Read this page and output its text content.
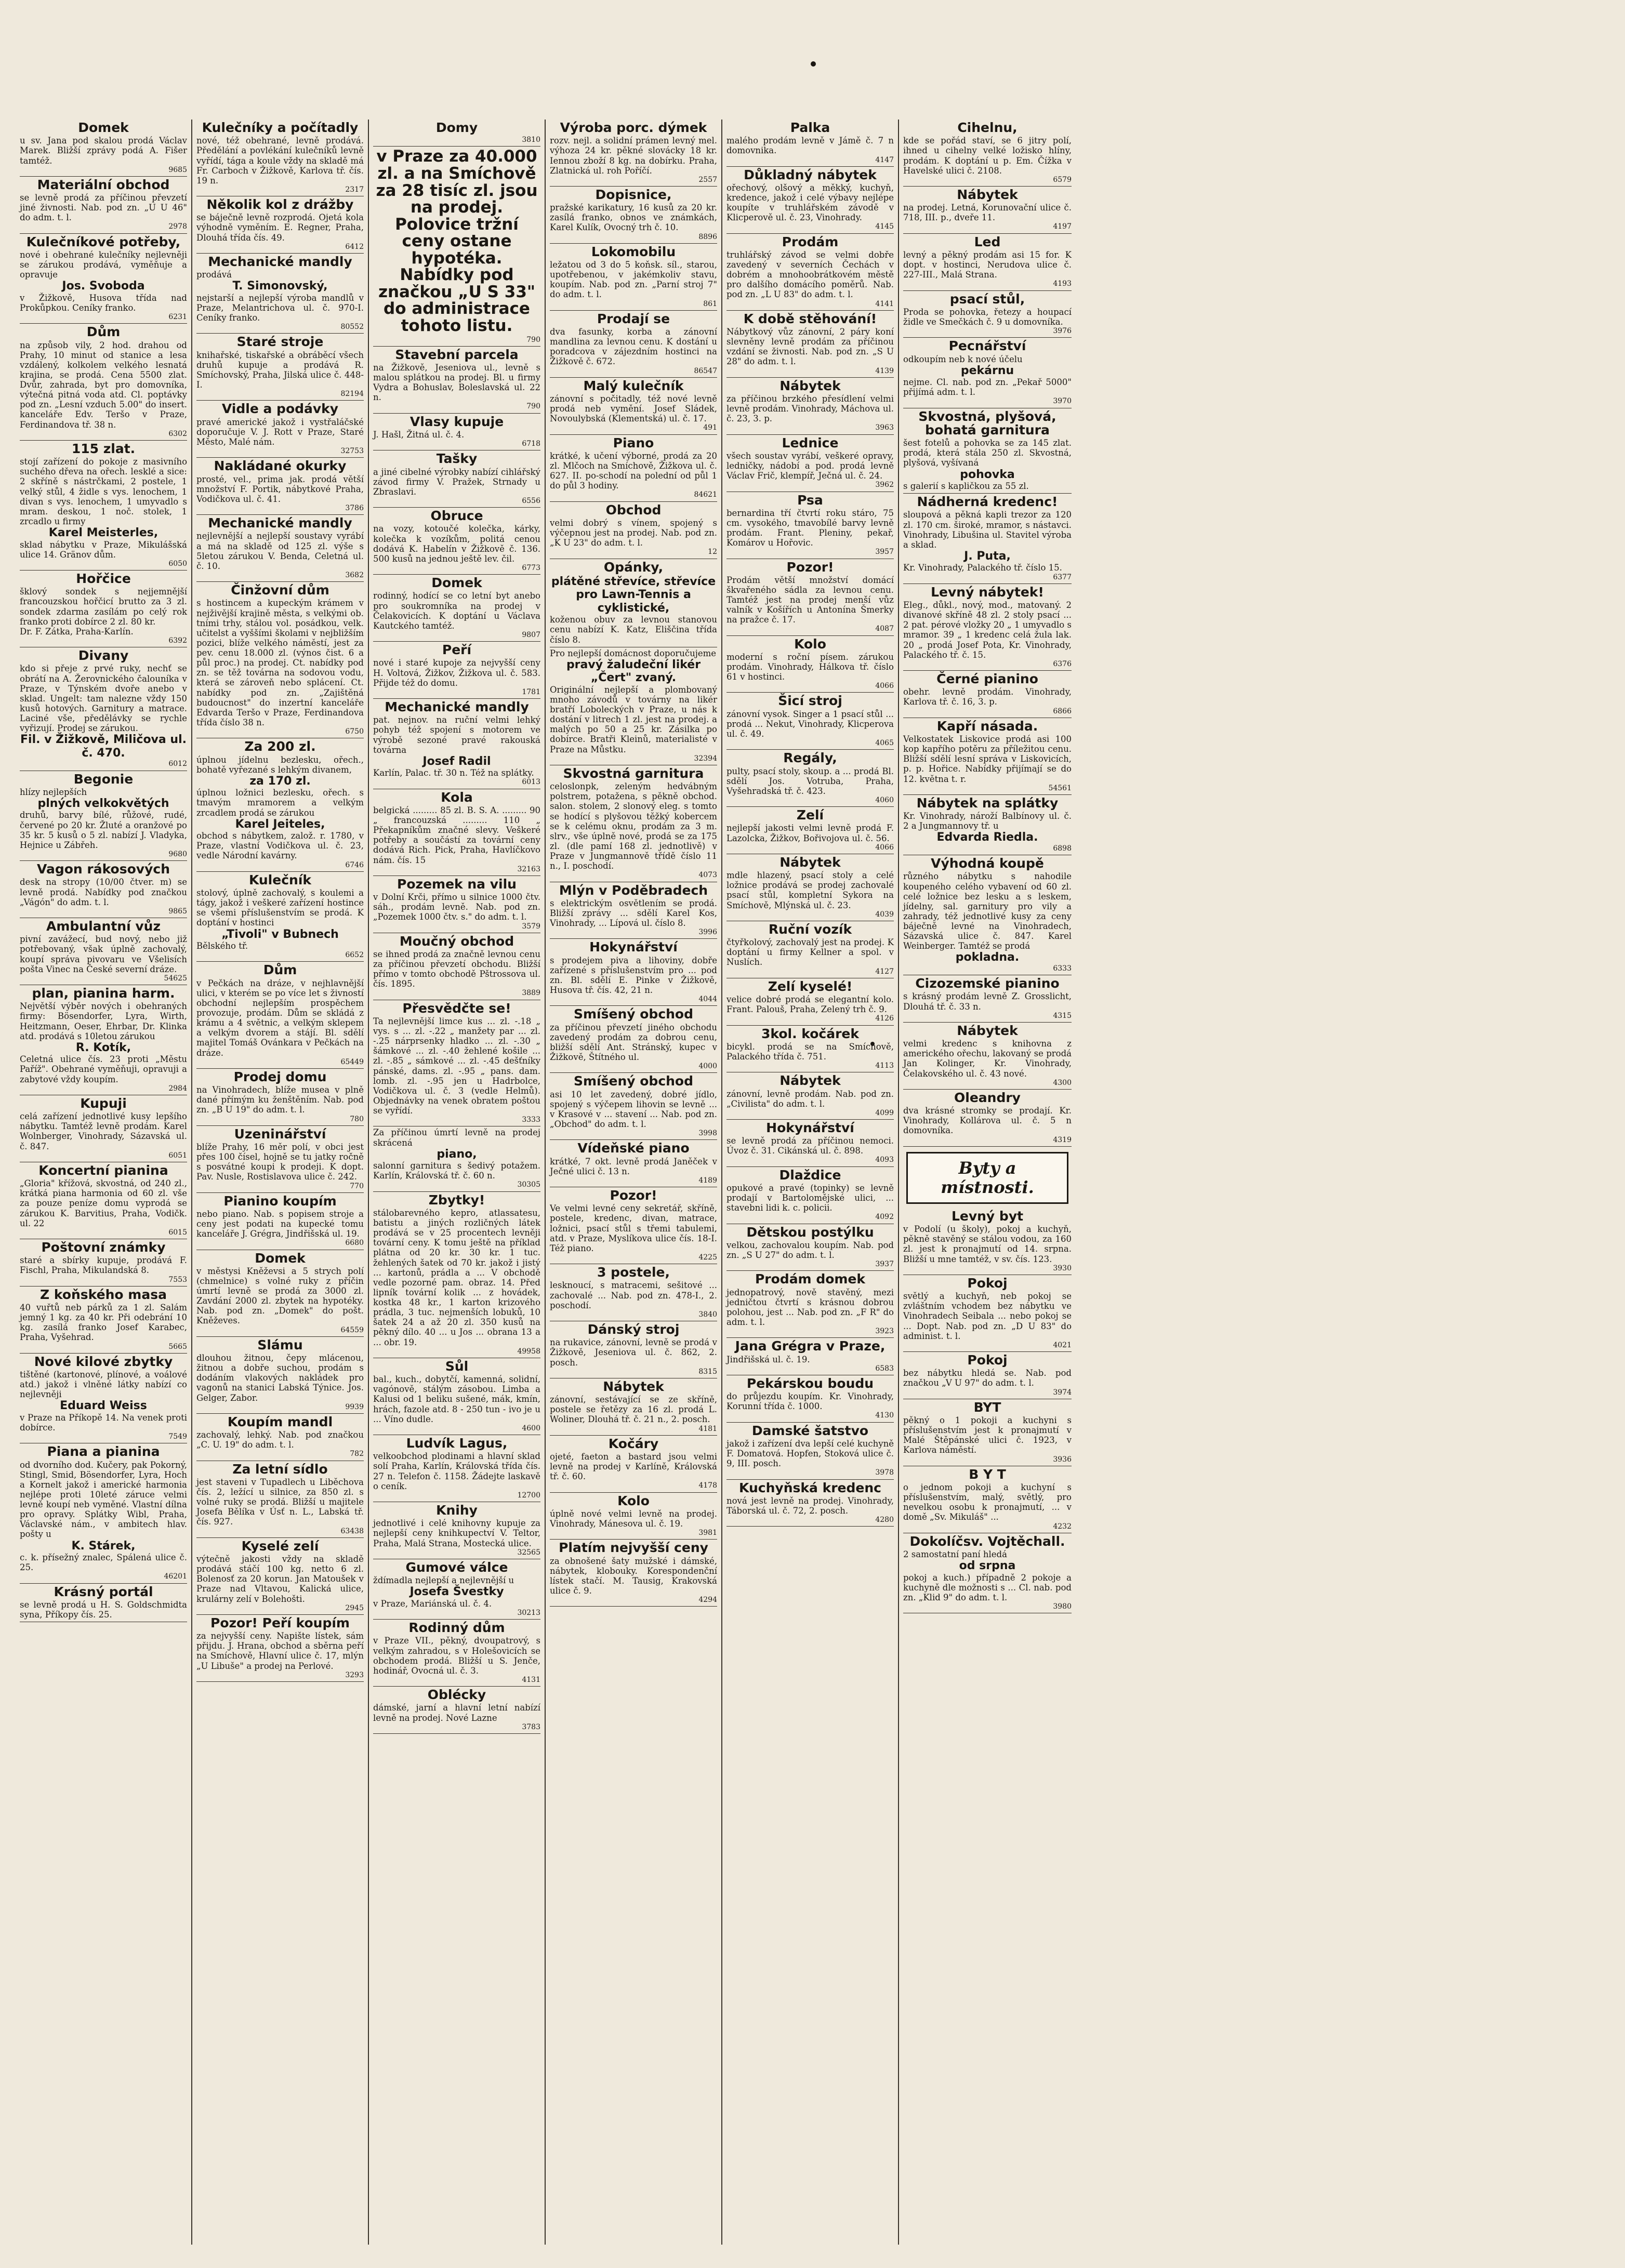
Domek
u sv. Jana pod skalou prodá Václav Marek. Bližší zprávy podá A. Fišer tamtéž.
9685
Materiální obchod
se levně prodá za příčinou převzetí jiné živnosti. Nab. pod zn. „U U 46" do adm. t. l.
2978
Kulečníkové potřeby,
nové i obehrané kulečníky nejlevněji se zárukou prodává, vyměňuje a opravuje
Jos. Svoboda
v Žižkově, Husova třída nad Prokůpkou. Ceníky franko.
6231
Dům
na způsob vily, 2 hod. drahou od Prahy, 10 minut od stanice a lesa vzdálený, kolkolem velkého lesnatá krajina, se prodá. Cena 5500 zlat. Dvůr, zahrada, byt pro domovníka, výtečná pitná voda atd. Cl. poptávky pod zn. „Lesní vzduch 5.00" do insert. kanceláře Edv. Teršo v Praze, Ferdinandova tř. 38 n.
6302
115 zlat.
stojí zařízení do pokoje z masivního suchého dřeva na ořech. lesklé a sice: 2 skříně s nástrčkami, 2 postele, 1 velký stůl, 4 židle s vys. lenochem, 1 divan s vys. lenochem, 1 umyvadlo s mram. deskou, 1 noč. stolek, 1 zrcadlo u firmy
Karel Meisterles,
sklad nábytku v Praze, Mikulášská ulice 14. Gränov dům.
6050
Hořčice
šklový sondek s nejjemnější francouzskou hořčicí brutto za 3 zl. sondek zdarma zasílám po celý rok franko proti dobírce 2 zl. 80 kr.
Dr. F. Zátka, Praha-Karlín.
6392
Divany
kdo si přeje z prvé ruky, nechť se obrátí na A. Žerovnického čalouníka v Praze, v Týnském dvoře anebo v sklad. Ungelt: tam nalezne vždy 150 kusů hotových. Garnitury a matrace. Laciné vše, předělávky se rychle vyřizují. Prodej se zárukou.
Fil. v Žižkově, Miličova ul. č. 470.
6012
Begonie
hlízy nejlepších
plných velkokvětých
druhů, barvy bílé, růžové, rudé, červené po 20 kr. Žluté a oranžové po 35 kr. 5 kusů o 5 zl. nabízí J. Vladyka, Hejnice u Zábřeh.
9680
Vagon rákosových
desk na stropy (10/00 čtver. m) se levně prodá. Nabídky pod značkou „Vágón" do adm. t. l.
9865
Ambulantní vůz
pivní zavážecí, bud nový, nebo již potřebovaný, však úplně zachovalý, koupí správa pivovaru ve Všelisích pošta Vinec na České severní dráze.
54625
plan, pianina harm.
Největší výběr nových i obehraných firmy: Bösendorfer, Lyra, Wirth, Heitzmann, Oeser, Ehrbar, Dr. Klinka atd. prodává s 10letou zárukou
R. Kotík,
Celetná ulice čís. 23 proti „Městu Paříž". Obehrané vyměňuji, opravuji a zabytové vždy koupím.
2984
Kupuji
celá zařízení jednotlivé kusy lepšího nábytku. Tamtéž levně prodám. Karel Wolnberger, Vinohrady, Sázavská ul. č. 847.
6051
Koncertní pianina
„Gloria" křížová, skvostná, od 240 zl., krátká piana harmonia od 60 zl. vše za pouze peníze domu vyprodá se zárukou K. Barvitius, Praha, Vodičk. ul. 22
6015
Poštovní známky
staré a sbírky kupuje, prodává F. Fischl, Praha, Mikulandská 8.
7553
Z koňského masa
40 vuřtů neb párků za 1 zl. Salám jemný 1 kg. za 40 kr. Při odebrání 10 kg. zasílá franko Josef Karabec, Praha, Vyšehrad.
5665
Nové kilové zbytky
tištěné (kartonové, plínové, a voálové atd.) jakož i vlněné látky nabízí co nejlevněji
Eduard Weiss
v Praze na Příkopě 14. Na venek proti dobírce.
7549
Piana a pianina
od dvorního dod. Kučery, pak Pokorný, Stingl, Smid, Bösendorfer, Lyra, Hoch a Kornelt jakož i americké harmonia nejlépe proti 10leté záruce velmi levně koupí neb vyměné. Vlastní dílna pro opravy. Splátky Wibl, Praha, Václavské nám., v ambitech hlav. pošty u
K. Stárek,
c. k. přísežný znalec, Spálená ulice č. 25.
46201
Krásný portál
se levně prodá u H. S. Goldschmidta syna, Příkopy čís. 25.
Kulečníky a počítadly
nové, též obehrané, levně prodává. Předělání a povlékání kulečníků levně vyřídí, tága a koule vždy na skladě má Fr. Carboch v Žižkově, Karlova tř. čís. 19 n.
2317
Několik kol z drážby
se báječně levně rozprodá. Ojetá kola výhodně vyměním. E. Regner, Praha, Dlouhá třída čís. 49.
6412
Mechanické mandly
prodává
T. Simonovský,
nejstarší a nejlepší výroba mandlů v Praze, Melantrichova ul. č. 970-I. Ceníky franko.
80552
Staré stroje
knihařské, tiskařské a obráběcí všech druhů kupuje a prodává R. Smíchovský, Praha, Jilská ulice č. 448-I.
82194
Vidle a podávky
pravé americké jakož i vystřaláčské doporučuje V. J. Rott v Praze, Staré Město, Malé nám.
32753
Nakládané okurky
prosté, vel., prima jak. prodá větší množství F. Portik, nábytkové Praha, Vodičkova ul. č. 41.
3786
Mechanické mandly
nejlevnější a nejlepší soustavy vyrábí a má na skladě od 125 zl. výše s 5letou zárukou V. Benda, Celetná ul. č. 10.
3682
Činžovní dům
s hostincem a kupeckým krámem v nejživější krajině města, s velkými ob. tními trhy, stálou vol. posádkou, velk. učitelst a vyššími školami v nejbližším pozici, blíže velkého náměstí, jest za pev. cenu 18.000 zl. (výnos čist. 6 a půl proc.) na prodej. Ct. nabídky pod zn. se těž továrna na sodovou vodu, která se zároveň nebo splácení. Ct. nabídky pod zn. „Zajištěná budoucnost" do inzertní kanceláře Edvarda Teršo v Praze, Ferdinandova třída číslo 38 n.
6750
Za 200 zl.
úplnou jídelnu bezlesku, ořech., bohatě vyřezané s lehkým divanem,
za 170 zl.
úplnou ložnici bezlesku, ořech. s tmavým mramorem a velkým zrcadlem prodá se zárukou
Karel Jeiteles,
obchod s nábytkem, založ. r. 1780, v Praze, vlastní Vodičkova ul. č. 23, vedle Národní kavárny.
6746
Kulečník
stolový, úplně zachovalý, s koulemi a tágy, jakož i veškeré zařízení hostince se všemi příslušenstvím se prodá. K doptání v hostinci
„Tivoli" v Bubnech
Bělského tř.
6652
Dům
v Pečkách na dráze, v nejhlavnější ulici, v kterém se po více let s živností obchodní nejlepším prospěchem provozuje, prodám. Dům se skládá z krámu a 4 světnic, a velkým sklepem a velkým dvorem a stájí. Bl. sdělí majitel Tomáš Ovánkara v Pečkách na dráze.
65449
Prodej domu
na Vinohradech, blíže musea v plně dané přímým ku ženštěním. Nab. pod zn. „B U 19" do adm. t. l.
780
Uzeninářství
blíže Prahy, 16 měr polí, v obci jest přes 100 čísel, hojně se tu jatky ročně s posvátné koupi k prodeji. K dopt. Pav. Nusle, Rostislavova ulice č. 242.
770
Pianino koupím
nebo piano. Nab. s popisem stroje a ceny jest podati na kupecké tomu kanceláře J. Grégra, Jindřišská ul. 19.
6680
Domek
v městysi Kněževsi a 5 strych polí (chmelnice) s volné ruky z příčin úmrtí levně se prodá za 3000 zl. Zavdání 2000 zl. zbytek na hypotéky. Nab. pod zn. „Domek" do pošt. Kněževes.
64559
Slámu
dlouhou žitnou, čepy mlácenou, žitnou a dobře suchou, prodám s dodáním vlakových nakládek pro vagonů na stanici Labská Týnice. Jos. Gelger, Zabor.
9939
Koupím mandl
zachovalý, lehký. Nab. pod značkou „C. U. 19" do adm. t. l.
782
Za letní sídlo
jest staveni v Tupadlech u Liběchova čís. 2, ležící u silnice, za 850 zl. s volné ruky se prodá. Bližší u majitele Josefa Bělíka v Úsť n. L., Labská tř. čís. 927.
63438
Kyselé zelí
výtečně jakosti vždy na skladě prodává stáčí 100 kg. netto 6 zl. Bolenosť za 20 korun. Jan Matoušek v Praze nad Vltavou, Kalická ulice, krulárny zelí v Bolehošti.
2945
Pozor! Peří koupím
za nejvyšší ceny. Napište lístek, sám přijdu. J. Hrana, obchod a sběrna peří na Smíchově, Hlavní ulice č. 17, mlýn „U Libuše" a prodej na Perlové.
3293
Domy
3810
v Praze za 40.000 zl. a na Smíchově za 28 tisíc zl. jsou na prodej. Polovice tržní ceny ostane hypotéka. Nabídky pod značkou „U S 33" do administrace tohoto listu.
790
Stavební parcela
na Žižkově, Jeseniova ul., levně s malou splátkou na prodej. Bl. u firmy Vydra a Bohuslav, Boleslavská ul. 22 n.
790
Vlasy kupuje
J. Hašl, Žitná ul. č. 4.
6718
Tašky
a jiné cibelné výrobky nabízí cihlářský závod firmy V. Pražek, Strnady u Zbraslavi.
6556
Obruce
na vozy, kotoučé kolečka, kárky, kolečka k vozíkům, politá cenou dodává K. Habelín v Žižkově č. 136. 500 kusů na jednou ještě lev. čil.
6773
Domek
rodinný, hodící se co letní byt anebo pro soukromníka na prodej v Čelakovicích. K doptání u Václava Kautckého tamtéž.
9807
Peří
nové i staré kupoje za nejvyšší ceny H. Voltová, Žižkov, Žižkova ul. č. 583. Přijde též do domu.
1781
Mechanické mandly
pat. nejnov. na ruční velmi lehký pohyb též spojení s motorem ve výrobě sezoné pravé rakouská továrna
Josef Radil
Karlín, Palac. tř. 30 n. Též na splátky.
6013
Kola
belgická ......... 85 zl. B. S. A. ......... 90 „ francouzská ......... 110 „ Překapníkům značné slevy. Veškeré potřeby a součástí za tovární ceny dodává Rich. Pick, Praha, Havlíčkovo nám. čís. 15
32163
Pozemek na vilu
v Dolní Krči, přímo u silnice 1000 čtv. sáh., prodám levně. Nab. pod zn. „Pozemek 1000 čtv. s." do adm. t. l.
3579
Moučný obchod
se ihned prodá za značně levnou cenu za příčinou převzetí obchodu. Bližší přímo v tomto obchodě Pštrossova ul. čís. 1895.
3889
Přesvědčte se!
Ta nejlevnější limce kus ... zl. -.18 „ vys. s ... zl. -.22 „ manžety par ... zl. -.25 nárprsenky hladko ... zl. -.30 „ šámkové ... zl. -.40 žehlené košile ... zl. -.85 „ sámkové ... zl. -.45 dešťníky pánské, dams. zl. -.95 „ pans. dam. lomb. zl. -.95 jen u Hadrbolce, Vodičkova ul. č. 3 (vedle Helmů). Objednávky na venek obratem poštou se vyřídí.
3333
Za příčinou úmrtí levně na prodej skrácená
piano,
salonní garnitura s šedivý potažem. Karlín, Královská tř. č. 60 n.
30305
Zbytky!
stálobarevného kepro, atlassatesu, batistu a jiných rozličných látek prodává se v 25 procentech levněji tovární ceny. K tomu ještě na příklad plátna od 20 kr. 30 kr. 1 tuc. žehlených šatek od 70 kr. jakož i jistý ... kartonů, prádla a ... V obchodě vedle pozorné pam. obraz. 14. Před lipník tovární kolik ... z hovádek, kostka 48 kr., 1 karton krizového prádla, 3 tuc. nejmenších lobuků, 10 šatek 24 a až 20 zl. 350 kusů na pěkný dílo. 40 ... u Jos ... obrana 13 a ... obr. 19.
49958
Sůl
bal., kuch., dobytčí, kamenná, solidní, vagónově, stálým zásobou. Limba a Kalusi od 1 beliku sušené, mák, kmín, hrách, fazole atd. 8 - 250 tun - ivo je u ... Víno dudle.
4600
Ludvík Lagus,
velkoobchod plodinami a hlavní sklad solí Praha, Karlín, Královská třída čís. 27 n. Telefon č. 1158. Žádejte laskavě o ceník.
12700
Knihy
jednotlivé i celé knihovny kupuje za nejlepší ceny knihkupectví V. Teltor, Praha, Malá Strana, Mostecká ulice.
32565
Gumové válce
ždímadla nejlepší a nejlevnější u
Josefa Švestky
v Praze, Mariánská ul. č. 4.
30213
Rodinný dům
v Praze VII., pěkný, dvoupatrový, s velkým zahradou, s v Holešovicích se obchodem prodá. Bližší u S. Jenče, hodinář, Ovocná ul. č. 3.
4131
Oblécky
dámské, jarní a hlavní letní nabízí levně na prodej. Nové Lazne
3783
Výroba porc. dýmek
rozv. nejl. a solidní prámen levný mel. výhoza 24 kr. pěkné slovácky 18 kr. Iennou zboží 8 kg. na dobírku. Praha, Zlatnická ul. roh Poříčí.
2557
Dopisnice,
pražské karikatury, 16 kusů za 20 kr. zasílá franko, obnos ve známkách, Karel Kulík, Ovocný trh č. 10.
8896
Lokomobilu
ležatou od 3 do 5 koňsk. síl., starou, upotřebenou, v jakémkoliv stavu, koupím. Nab. pod zn. „Parní stroj 7" do adm. t. l.
861
Prodají se
dva fasunky, korba a zánovní mandlina za levnou cenu. K dostání u poradcova v zájezdním hostinci na Žižkově č. 672.
86547
Malý kulečník
zánovní s počitadly, též nové levně prodá neb vymění. Josef Sládek, Novoulybská (Klementská) ul. č. 17.
491
Piano
krátké, k učení výborné, prodá za 20 zl. Mlčoch na Smíchově, Žižkova ul. č. 627. II. po-schodí na polední od půl 1 do půl 3 hodiny.
84621
Obchod
velmi dobrý s vínem, spojený s výčepnou jest na prodej. Nab. pod zn. „K U 23" do adm. t. l.
12
Opánky,
plátěné střevíce, střevíce pro Lawn-Tennis a cyklistické,
koženou obuv za levnou stanovou cenu nabízí K. Katz, Eliščina třída číslo 8.
Pro nejlepší domácnost doporučujeme
pravý žaludeční likér „Čert" zvaný.
Originální nejlepší a plombovaný mnoho závodů v továrny na likér bratří Loboleckých v Praze, u nás k dostání v litrech 1 zl. jest na prodej. a malých po 50 a 25 kr. Zásilka po dobírce. Bratři Kleinů, materialisté v Praze na Můstku.
32394
Skvostná garnitura
celoslonpk, zeleným hedvábným polstrem, potažena, s pěkně obchod. salon. stolem, 2 slonový eleg. s tomto se hodící s plyšovou těžký kobercem se k celému oknu, prodám za 3 m. slrv., vše úplně nové, prodá se za 175 zl. (dle pamí 168 zl. jednotlivě) v Praze v Jungmannově třídě číslo 11 n., I. poschodí.
4073
Mlýn v Poděbradech
s elektrickým osvětlením se prodá. Bližší zprávy ... sdělí Karel Kos, Vinohrady, ... Lípová ul. číslo 8.
3996
Hokynářství
s prodejem piva a lihoviny, dobře zařízené s příslušenstvím pro ... pod zn. Bl. sdělí E. Pinke v Žižkově, Husova tř. čís. 42, 21 n.
4044
Smíšený obchod
za příčinou převzetí jiného obchodu zavedený prodám za dobrou cenu, bližší sdělí Ant. Stránský, kupec v Žižkově, Štítného ul.
4000
Smíšený obchod
asi 10 let zavedený, dobré jídlo, spojený s výčepem lihovin se levně ... v Krasové v ... stavení ... Nab. pod zn. „Obchod" do adm. t. l.
3998
Vídeňské piano
krátké, 7 okt. levně prodá Janěček v Ječné ulici č. 13 n.
4189
Pozor!
Ve velmi levné ceny sekretář, skříně, postele, kredenc, divan, matrace, ložnici, psací stůl s třemi tabulemi, atd. v Praze, Myslíkova ulice čís. 18-I. Též piano.
4225
3 postele,
lesknoucí, s matracemi, sešitové ... zachovalé ... Nab. pod zn. 478-I., 2. poschodí.
3840
Dánský stroj
na rukavice, zánovní, levně se prodá v Žižkově, Jeseniova ul. č. 862, 2. posch.
8315
Nábytek
zánovní, sestávající se ze skříně, postele se řetězy za 16 zl. prodá L. Woliner, Dlouhá tř. č. 21 n., 2. posch.
4181
Kočáry
ojeté, faeton a bastard jsou velmi levně na prodej v Karlíně, Královská tř. č. 60.
4178
Kolo
úplně nové velmi levně na prodej. Vinohrady, Mánesova ul. č. 19.
3981
Platím nejvyšší ceny
za obnošené šaty mužské i dámské, nábytek, klobouky. Korespondenční lístek stačí. M. Tausig, Krakovská ulice č. 9.
4294
Palka
malého prodám levně v Jámě č. 7 n domovnika.
4147
Důkladný nábytek
ořechový, olšový a měkký, kuchyň, kredence, jakož i celé výbavy nejlépe koupíte v truhlářském závodě v Klicperově ul. č. 23, Vinohrady.
4145
Prodám
truhlářský závod se velmi dobře zavedený v severních Čechách v dobrém a mnohoobrátkovém městě pro dalšího domácího poměrů. Nab. pod zn. „L U 83" do adm. t. l.
4141
K době stěhování!
Nábytkový vůz zánovní, 2 páry koní slevněny levně prodám za příčinou vzdání se živnosti. Nab. pod zn. „S U 28" do adm. t. l.
4139
Nábytek
za příčinou brzkého přesídlení velmi levně prodám. Vinohrady, Máchova ul. č. 23, 3. p.
3963
Lednice
všech soustav vyrábí, veškeré opravy, ledničky, nádobí a pod. prodá levně Václav Frič, klempíř, Ječná ul. č. 24.
3962
Psa
bernardina tří čtvrtí roku stáro, 75 cm. vysokého, tmavobílé barvy levně prodám. Frant. Pleniny, pekař, Komárov u Hořovic.
3957
Pozor!
Prodám větší množství domácí škvařeného sádla za levnou cenu. Tamtéž jest na prodej menší vůz valník v Košířích u Antonína Šmerky na pražce č. 17.
4087
Kolo
moderní s roční písem. zárukou prodám. Vinohrady, Hálkova tř. číslo 61 v hostinci.
4066
Šicí stroj
zánovní vysok. Singer a 1 psací stůl ... prodá ... Nekut, Vinohrady, Klicperova ul. č. 49.
4065
Regály,
pulty, psací stoly, skoup. a ... prodá Bl. sdělí Jos. Votruba, Praha, Vyšehradská tř. č. 423.
4060
Zelí
nejlepší jakosti velmi levně prodá F. Lazolcka, Žižkov, Bořivojova ul. č. 56.
4066
Nábytek
mdle hlazený, psací stoly a celé ložnice prodává se prodej zachovalé psací stůl, kompletní Sykora na Smíchově, Mlýnská ul. č. 23.
4039
Ruční vozík
čtyřkolový, zachovalý jest na prodej. K doptání u firmy Kellner a spol. v Nuslích.
4127
Zelí kyselé!
velice dobré prodá se elegantní kolo. Frant. Palouš, Praha, Zelený trh č. 9.
4126
3kol. kočárek
bicykl. prodá se na Smíchově, Palackého třída č. 751.
4113
Nábytek
zánovní, levně prodám. Nab. pod zn. „Civilista" do adm. t. l.
4099
Hokynářství
se levně prodá za příčinou nemoci. Úvoz č. 31. Cikánská ul. č. 898.
4093
Dlaždice
opukové a pravé (topinky) se levně prodají v Bartolomějské ulici, ... stavebni lidi k. c. policii.
4092
Dětskou postýlku
velkou, zachovalou koupím. Nab. pod zn. „S U 27" do adm. t. l.
3937
Prodám domek
jednopatrový, nově stavěný, mezi jedničtou čtvrtí s krásnou dobrou polohou, jest ... Nab. pod zn. „F R" do adm. t. l.
3923
Jana Grégra v Praze,
Jindřišská ul. č. 19.
6583
Pekárskou boudu
do průjezdu koupím. Kr. Vinohrady, Korunní třída č. 1000.
4130
Damské šatstvo
jakož i zařízení dva lepší celé kuchyně F. Domatová. Hopfen, Stoková ulice č. 9, III. posch.
3978
Kuchyňská kredenc
nová jest levně na prodej. Vinohrady, Táborská ul. č. 72, 2. posch.
4280
Cihelnu,
kde se pořád staví, se 6 jitry polí, ihned u cihelny velké ložisko hlíny, prodám. K doptání u p. Em. Čížka v Havelské ulici č. 2108.
6579
Nábytek
na prodej. Letná, Korunovační ulice č. 718, III. p., dveře 11.
4197
Led
levný a pěkný prodám asi 15 for. K dopt. v hostinci, Nerudova ulice č. 227-III., Malá Strana.
4193
psací stůl,
Proda se pohovka, řetezy a houpací židle ve Smečkách č. 9 u domovníka.
3976
Pecnářství
odkoupím neb k nové účelu
pekárnu
nejme. Cl. nab. pod zn. „Pekař 5000" přijímá adm. t. l.
3970
Skvostná, plyšová, bohatá garnitura
šest fotelů a pohovka se za 145 zlat. prodá, která stála 250 zl. Skvostná, plyšová, vyšívaná
pohovka
s galerií s kapličkou za 55 zl.
Nádherná kredenc!
sloupová a pěkná kapli trezor za 120 zl. 170 cm. široké, mramor, s nástavci. Vinohrady, Libušina ul. Stavitel výroba a sklad.
J. Puta,
Kr. Vinohrady, Palackého tř. číslo 15.
6377
Levný nábytek!
Eleg., důkl., nový, mod., matovaný. 2 divanové skříně 48 zl. 2 stoly psací ... 2 pat. pérové vložky 20 „ 1 umyvadlo s mramor. 39 „ 1 kredenc celá žula lak. 20 „ prodá Josef Pota, Kr. Vinohrady, Palackého tř. č. 15.
6376
Černé pianino
obehr. levně prodám. Vinohrady, Karlova tř. č. 16, 3. p.
6866
Kapří násada.
Velkostatek Liskovice prodá asi 100 kop kapřího potěru za příležitou cenu. Bližší sdělí lesní správa v Liskovicích, p. p. Hořice. Nabídky přijímají se do 12. května t. r.
54561
Nábytek na splátky
Kr. Vinohrady, nároží Balbínovy ul. č. 2 a Jungmannovy tř. u
Edvarda Riedla.
6898
Výhodná koupě
různého nábytku s nahodile koupeného celého vybavení od 60 zl. celé ložnice bez lesku a s leskem, jídelny, sal. garnitury pro vily a zahrady, též jednotlivé kusy za ceny báječně levné na Vinohradech, Sázavská ulice č. 847. Karel Weinberger. Tamtéž se prodá
pokladna.
6333
Cizozemské pianino
s krásný prodám levně Z. Grosslicht, Dlouhá tř. č. 33 n.
4315
Nábytek
velmi kredenc s knihovna z amerického ořechu, lakovaný se prodá Jan Kolinger, Kr. Vinohrady, Čelakovského ul. č. 43 nové.
4300
Oleandry
dva krásné stromky se prodají. Kr. Vinohrady, Kollárova ul. č. 5 n domovníka.
4319
Byty a místnosti.
Levný byt
v Podolí (u školy), pokoj a kuchyň, pěkně stavěný se stálou vodou, za 160 zl. jest k pronajmutí od 14. srpna. Bližší u mne tamtéž, v sv. čís. 123.
3930
Pokoj
světlý a kuchyň, neb pokoj se zvláštním vchodem bez nábytku ve Vinohradech Seibala ... nebo pokoj se ... Dopt. Nab. pod zn. „D U 83" do administ. t. l.
4021
Pokoj
bez nábytku hledá se. Nab. pod značkou „V U 97" do adm. t. l.
3974
BYT
pěkný o 1 pokoji a kuchyni s příslušenstvím jest k pronajmutí v Malé Štěpánské ulici č. 1923, v Karlova náměstí.
3936
B Y T
o jednom pokoji a kuchyní s příslušenstvím, malý, světlý, pro nevelkou osobu k pronajmutí, ... v domě „Sv. Mikuláš" ...
4232
Dokolíčsv. Vojtěchall.
2 samostatní paní hledá
od srpna
pokoj a kuch.) případně 2 pokoje a kuchyně dle možnosti s ... Cl. nab. pod zn. „Klid 9" do adm. t. l.
3980
